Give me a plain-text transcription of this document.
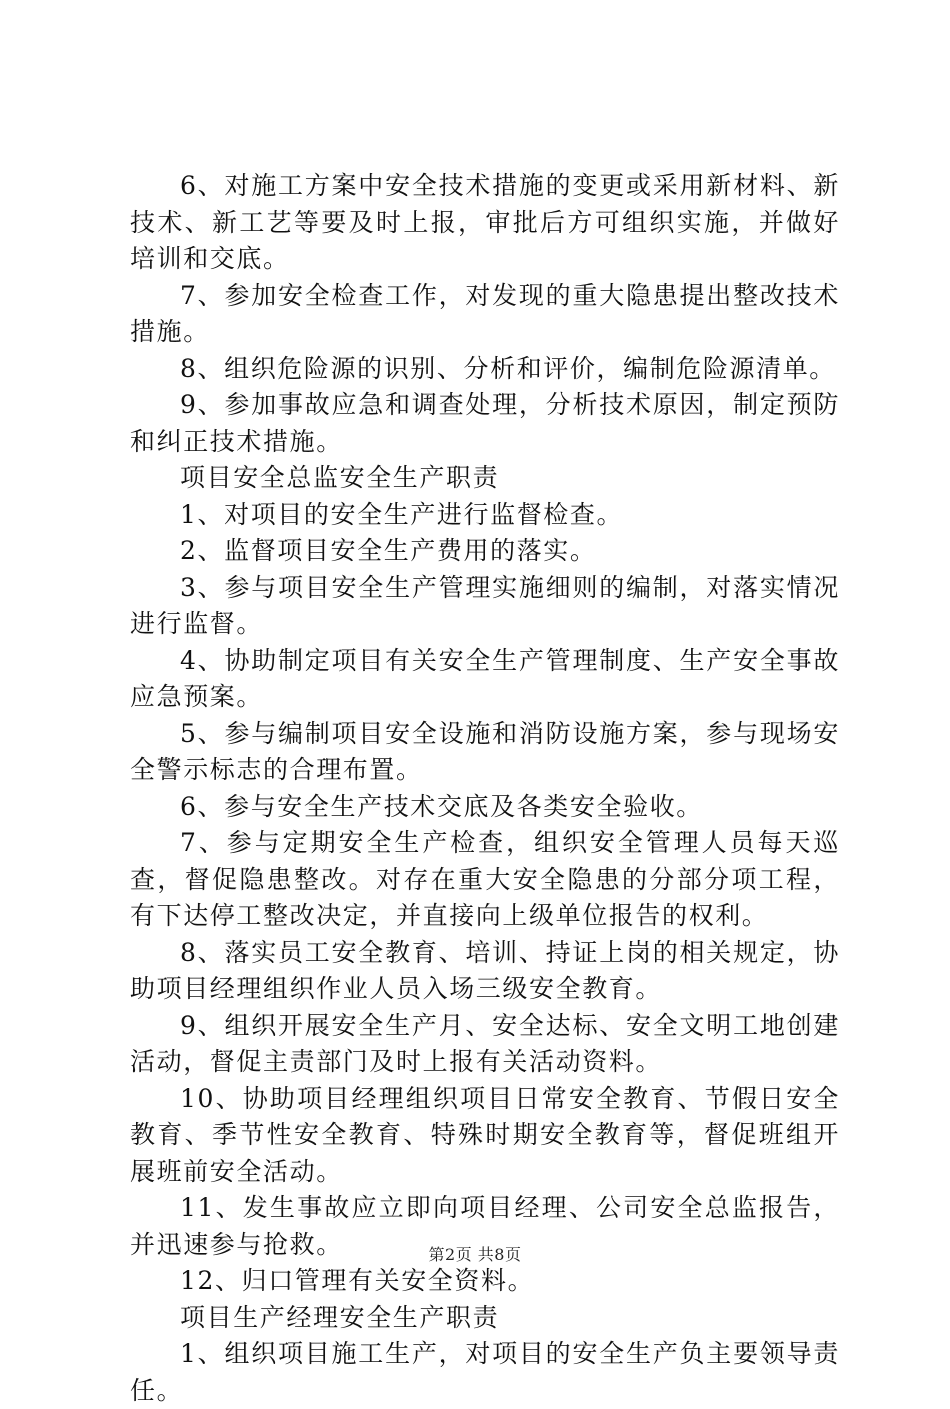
6、对施工方案中安全技术措施的变更或采用新材料、新技术、新工艺等要及时上报，审批后方可组织实施，并做好培训和交底。

7、参加安全检查工作，对发现的重大隐患提出整改技术措施。

8、组织危险源的识别、分析和评价，编制危险源清单。

9、参加事故应急和调查处理，分析技术原因，制定预防和纠正技术措施。

项目安全总监安全生产职责

1、对项目的安全生产进行监督检查。

2、监督项目安全生产费用的落实。

3、参与项目安全生产管理实施细则的编制，对落实情况进行监督。

4、协助制定项目有关安全生产管理制度、生产安全事故应急预案。

5、参与编制项目安全设施和消防设施方案，参与现场安全警示标志的合理布置。

6、参与安全生产技术交底及各类安全验收。

7、参与定期安全生产检查，组织安全管理人员每天巡查，督促隐患整改。对存在重大安全隐患的分部分项工程，有下达停工整改决定，并直接向上级单位报告的权利。

8、落实员工安全教育、培训、持证上岗的相关规定，协助项目经理组织作业人员入场三级安全教育。

9、组织开展安全生产月、安全达标、安全文明工地创建活动，督促主责部门及时上报有关活动资料。

10、协助项目经理组织项目日常安全教育、节假日安全教育、季节性安全教育、特殊时期安全教育等，督促班组开展班前安全活动。

11、发生事故应立即向项目经理、公司安全总监报告，并迅速参与抢救。

12、归口管理有关安全资料。

项目生产经理安全生产职责

1、组织项目施工生产，对项目的安全生产负主要领导责任。

第2页 共8页
